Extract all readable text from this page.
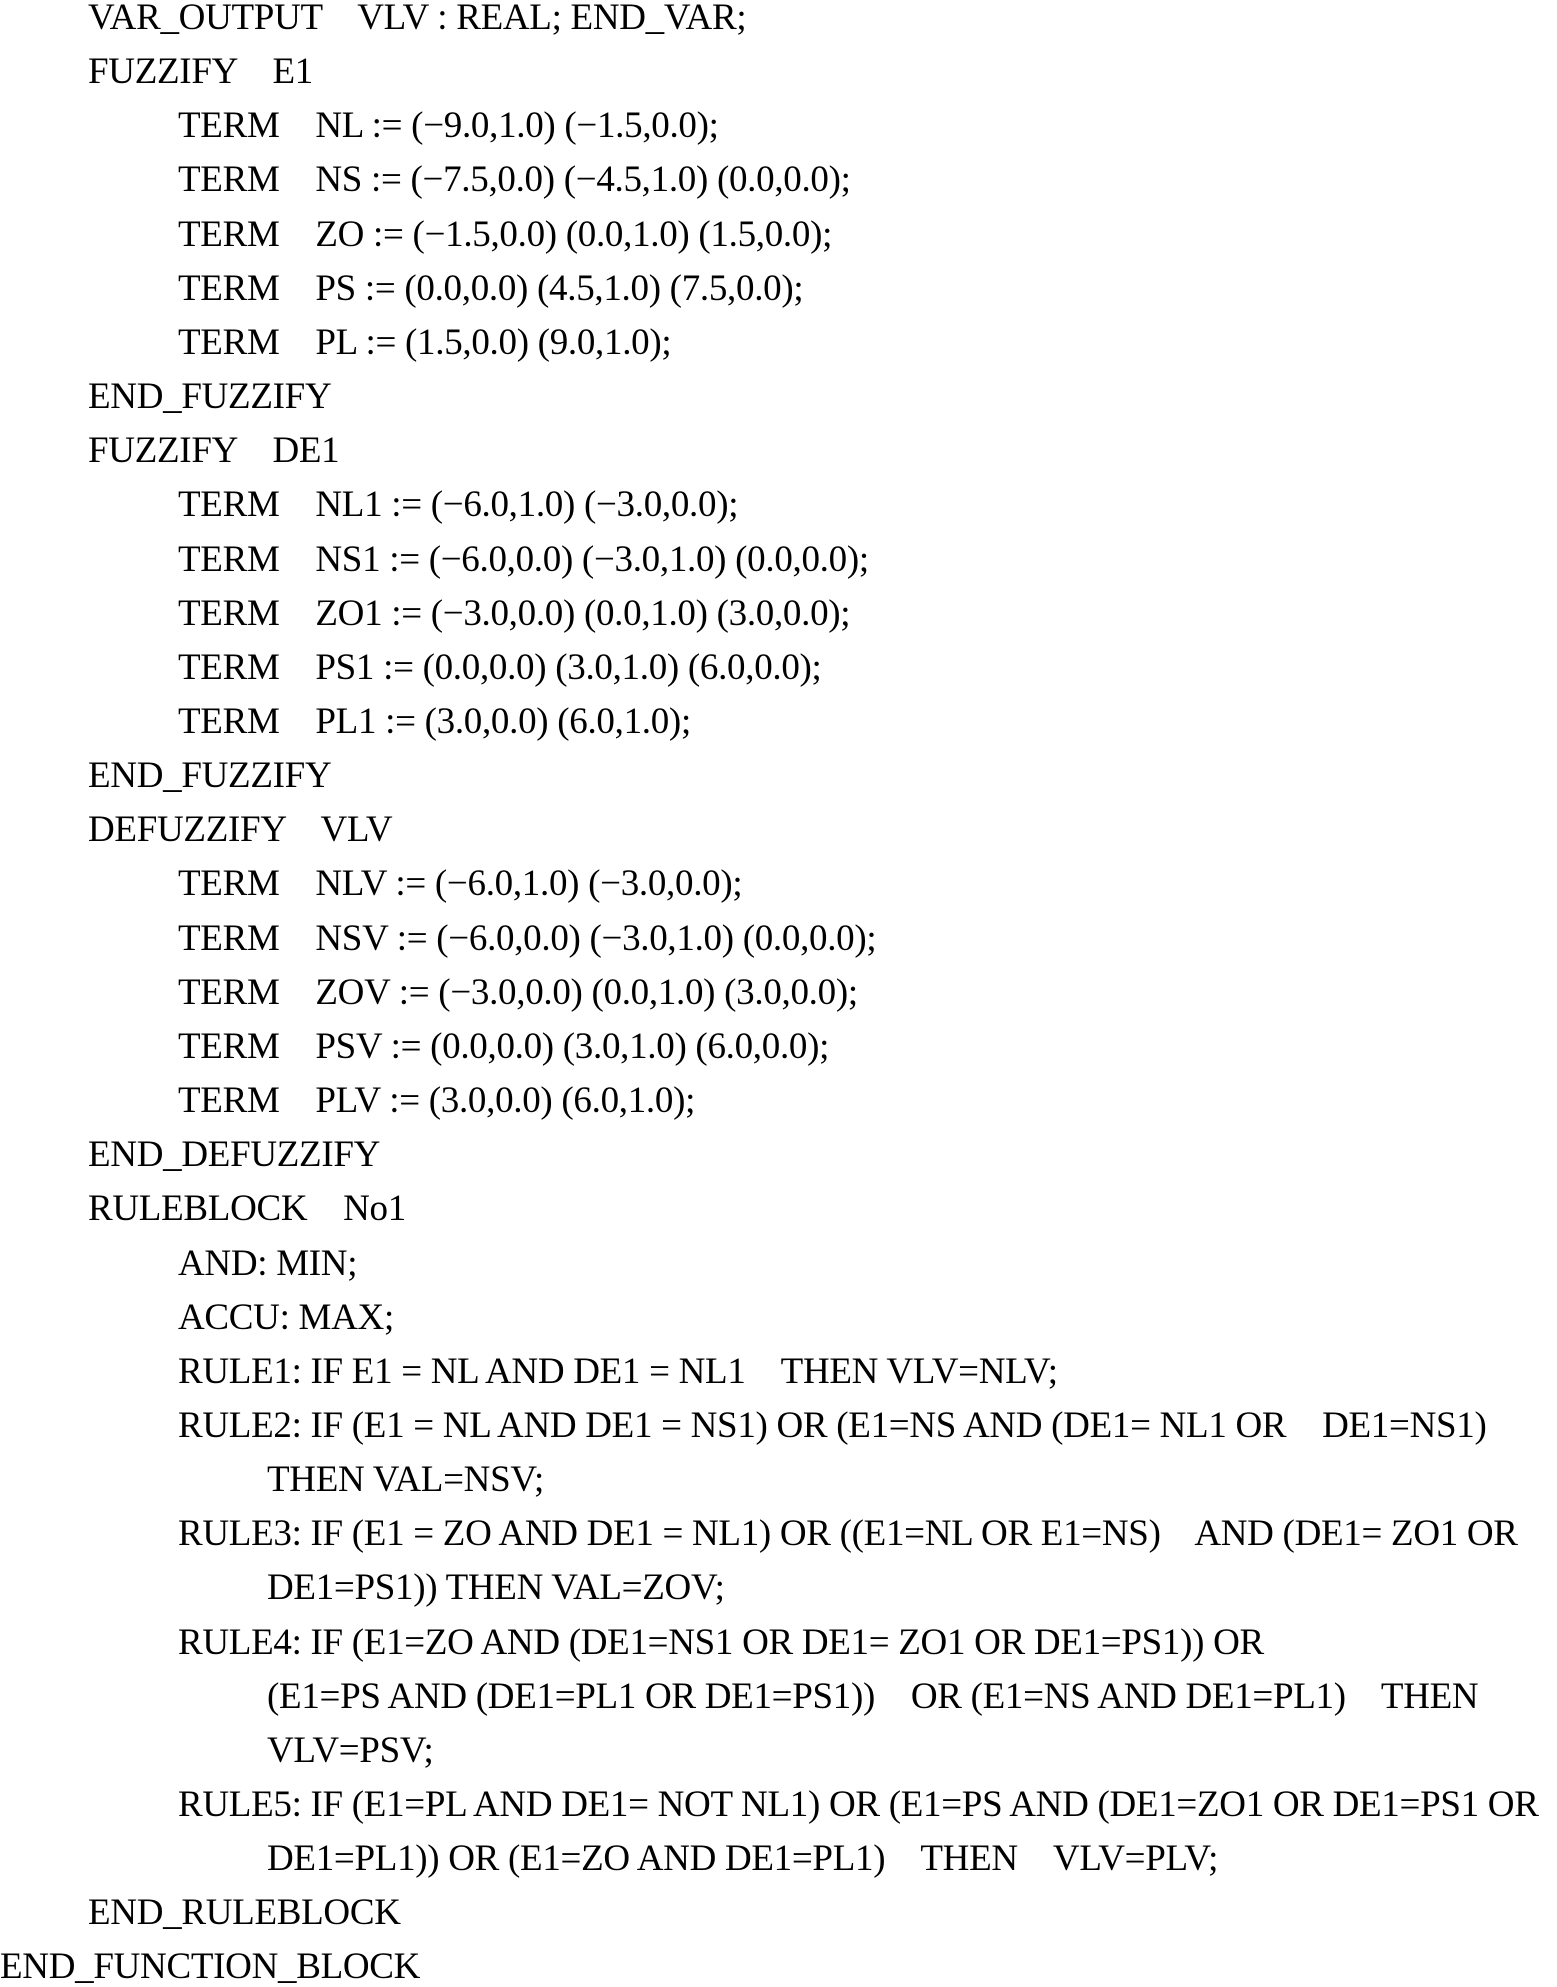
VAR_OUTPUT    VLV : REAL; END_VAR;
FUZZIFY    E1
TERM    NL := (−9.0,1.0) (−1.5,0.0);
TERM    NS := (−7.5,0.0) (−4.5,1.0) (0.0,0.0);
TERM    ZO := (−1.5,0.0) (0.0,1.0) (1.5,0.0);
TERM    PS := (0.0,0.0) (4.5,1.0) (7.5,0.0);
TERM    PL := (1.5,0.0) (9.0,1.0);
END_FUZZIFY
FUZZIFY    DE1
TERM    NL1 := (−6.0,1.0) (−3.0,0.0);
TERM    NS1 := (−6.0,0.0) (−3.0,1.0) (0.0,0.0);
TERM    ZO1 := (−3.0,0.0) (0.0,1.0) (3.0,0.0);
TERM    PS1 := (0.0,0.0) (3.0,1.0) (6.0,0.0);
TERM    PL1 := (3.0,0.0) (6.0,1.0);
END_FUZZIFY
DEFUZZIFY    VLV
TERM    NLV := (−6.0,1.0) (−3.0,0.0);
TERM    NSV := (−6.0,0.0) (−3.0,1.0) (0.0,0.0);
TERM    ZOV := (−3.0,0.0) (0.0,1.0) (3.0,0.0);
TERM    PSV := (0.0,0.0) (3.0,1.0) (6.0,0.0);
TERM    PLV := (3.0,0.0) (6.0,1.0);
END_DEFUZZIFY
RULEBLOCK    No1
AND: MIN;
ACCU: MAX;
RULE1: IF E1 = NL AND DE1 = NL1    THEN VLV=NLV;
RULE2: IF (E1 = NL AND DE1 = NS1) OR (E1=NS AND (DE1= NL1 OR    DE1=NS1)
THEN VAL=NSV;
RULE3: IF (E1 = ZO AND DE1 = NL1) OR ((E1=NL OR E1=NS)    AND (DE1= ZO1 OR
DE1=PS1)) THEN VAL=ZOV;
RULE4: IF (E1=ZO AND (DE1=NS1 OR DE1= ZO1 OR DE1=PS1)) OR
(E1=PS AND (DE1=PL1 OR DE1=PS1))    OR (E1=NS AND DE1=PL1)    THEN
VLV=PSV;
RULE5: IF (E1=PL AND DE1= NOT NL1) OR (E1=PS AND (DE1=ZO1 OR DE1=PS1 OR
DE1=PL1)) OR (E1=ZO AND DE1=PL1)    THEN    VLV=PLV;
END_RULEBLOCK
END_FUNCTION_BLOCK
